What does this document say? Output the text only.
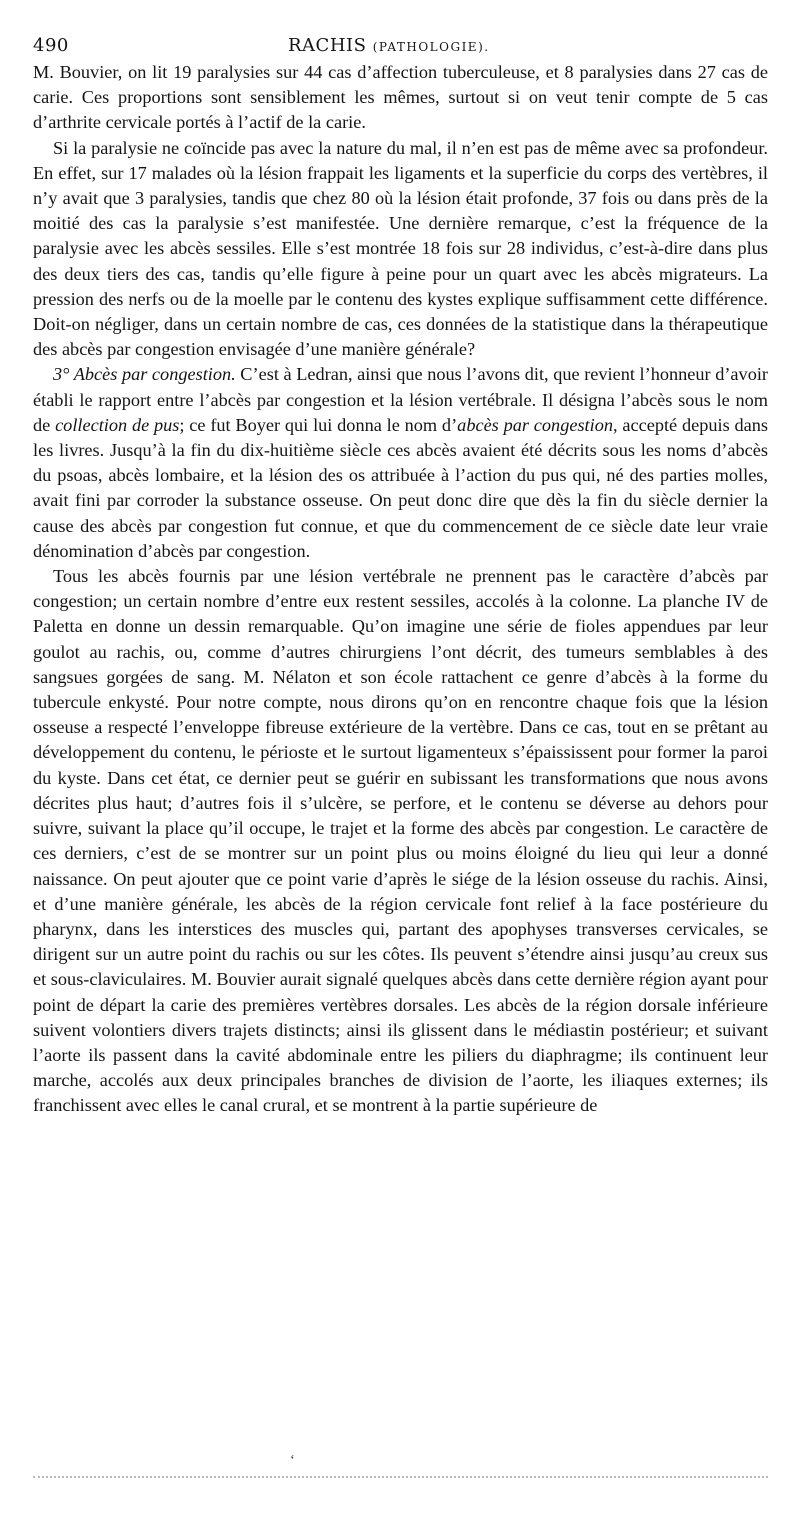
490	RACHIS (PATHOLOGIE).

M. Bouvier, on lit 19 paralysies sur 44 cas d’affection tuberculeuse, et 8 paralysies dans 27 cas de carie. Ces proportions sont sensiblement les mêmes, surtout si on veut tenir compte de 5 cas d’arthrite cervicale portés à l’actif de la carie.

Si la paralysie ne coïncide pas avec la nature du mal, il n’en est pas de même avec sa profondeur. En effet, sur 17 malades où la lésion frappait les ligaments et la superficie du corps des vertèbres, il n’y avait que 3 paralysies, tandis que chez 80 où la lésion était profonde, 37 fois ou dans près de la moitié des cas la paralysie s’est manifestée. Une dernière remarque, c’est la fréquence de la paralysie avec les abcès sessiles. Elle s’est montrée 18 fois sur 28 individus, c’est-à-dire dans plus des deux tiers des cas, tandis qu’elle figure à peine pour un quart avec les abcès migrateurs. La pression des nerfs ou de la moelle par le contenu des kystes explique suffisamment cette différence. Doit-on négliger, dans un certain nombre de cas, ces données de la statistique dans la thérapeutique des abcès par congestion envisagée d’une manière générale?

3° Abcès par congestion. C’est à Ledran, ainsi que nous l’avons dit, que revient l’honneur d’avoir établi le rapport entre l’abcès par congestion et la lésion vertébrale. Il désigna l’abcès sous le nom de collection de pus; ce fut Boyer qui lui donna le nom d’abcès par congestion, accepté depuis dans les livres. Jusqu’à la fin du dix-huitième siècle ces abcès avaient été décrits sous les noms d’abcès du psoas, abcès lombaire, et la lésion des os attribuée à l’action du pus qui, né des parties molles, avait fini par corroder la substance osseuse. On peut donc dire que dès la fin du siècle dernier la cause des abcès par congestion fut connue, et que du commencement de ce siècle date leur vraie dénomination d’abcès par congestion.

Tous les abcès fournis par une lésion vertébrale ne prennent pas le caractère d’abcès par congestion; un certain nombre d’entre eux restent sessiles, accolés à la colonne. La planche IV de Paletta en donne un dessin remarquable. Qu’on imagine une série de fioles appendues par leur goulot au rachis, ou, comme d’autres chirurgiens l’ont décrit, des tumeurs semblables à des sangsues gorgées de sang. M. Nélaton et son école rattachent ce genre d’abcès à la forme du tubercule enkysté. Pour notre compte, nous dirons qu’on en rencontre chaque fois que la lésion osseuse a respecté l’enveloppe fibreuse extérieure de la vertèbre. Dans ce cas, tout en se prêtant au développement du contenu, le périoste et le surtout ligamenteux s’épaississent pour former la paroi du kyste. Dans cet état, ce dernier peut se guérir en subissant les transformations que nous avons décrites plus haut; d’autres fois il s’ulcère, se perfore, et le contenu se déverse au dehors pour suivre, suivant la place qu’il occupe, le trajet et la forme des abcès par congestion. Le caractère de ces derniers, c’est de se montrer sur un point plus ou moins éloigné du lieu qui leur a donné naissance. On peut ajouter que ce point varie d’après le siége de la lésion osseuse du rachis. Ainsi, et d’une manière générale, les abcès de la région cervicale font relief à la face postérieure du pharynx, dans les interstices des muscles qui, partant des apophyses transverses cervicales, se dirigent sur un autre point du rachis ou sur les côtes. Ils peuvent s’étendre ainsi jusqu’au creux sus et sous-claviculaires. M. Bouvier aurait signalé quelques abcès dans cette dernière région ayant pour point de départ la carie des premières vertèbres dorsales. Les abcès de la région dorsale inférieure suivent volontiers divers trajets distincts; ainsi ils glissent dans le médiastin postérieur; et suivant l’aorte ils passent dans la cavité abdominale entre les piliers du diaphragme; ils continuent leur marche, accolés aux deux principales branches de division de l’aorte, les iliaques externes; ils franchissent avec elles le canal crural, et se montrent à la partie supérieure de

ʻ
